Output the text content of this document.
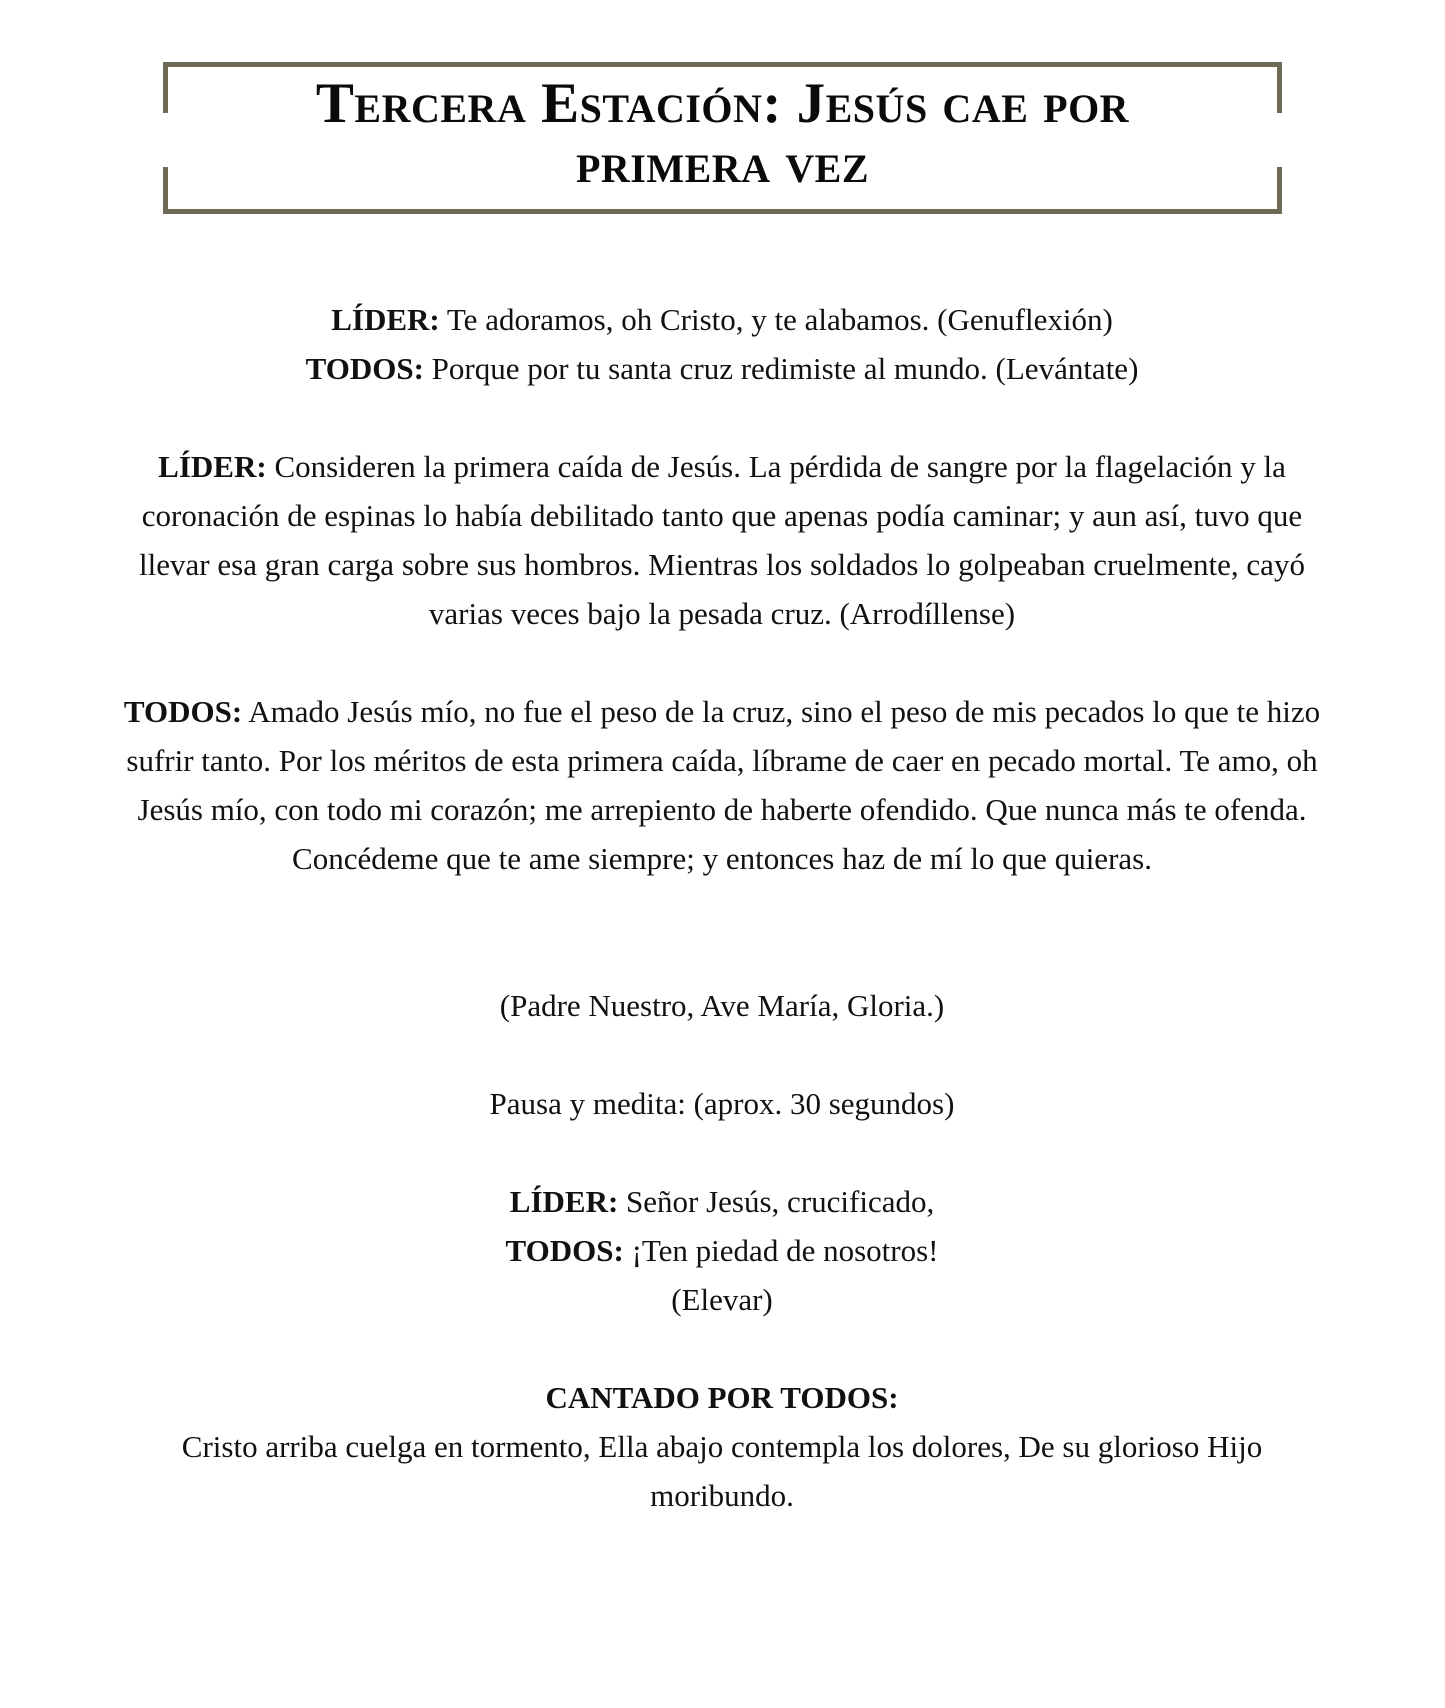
Tercera Estación: Jesús cae por
primera vez

LÍDER: Te adoramos, oh Cristo, y te alabamos. (Genuflexión)
TODOS: Porque por tu santa cruz redimiste al mundo. (Levántate)

LÍDER: Consideren la primera caída de Jesús. La pérdida de sangre por la flagelación y la coronación de espinas lo había debilitado tanto que apenas podía caminar; y aun así, tuvo que llevar esa gran carga sobre sus hombros. Mientras los soldados lo golpeaban cruelmente, cayó varias veces bajo la pesada cruz. (Arrodíllense)

TODOS: Amado Jesús mío, no fue el peso de la cruz, sino el peso de mis pecados lo que te hizo sufrir tanto. Por los méritos de esta primera caída, líbrame de caer en pecado mortal. Te amo, oh Jesús mío, con todo mi corazón; me arrepiento de haberte ofendido. Que nunca más te ofenda. Concédeme que te ame siempre; y entonces haz de mí lo que quieras.

(Padre Nuestro, Ave María, Gloria.)

Pausa y medita: (aprox. 30 segundos)

LÍDER: Señor Jesús, crucificado,
TODOS: ¡Ten piedad de nosotros!
(Elevar)

CANTADO POR TODOS:
Cristo arriba cuelga en tormento, Ella abajo contempla los dolores, De su glorioso Hijo moribundo.
